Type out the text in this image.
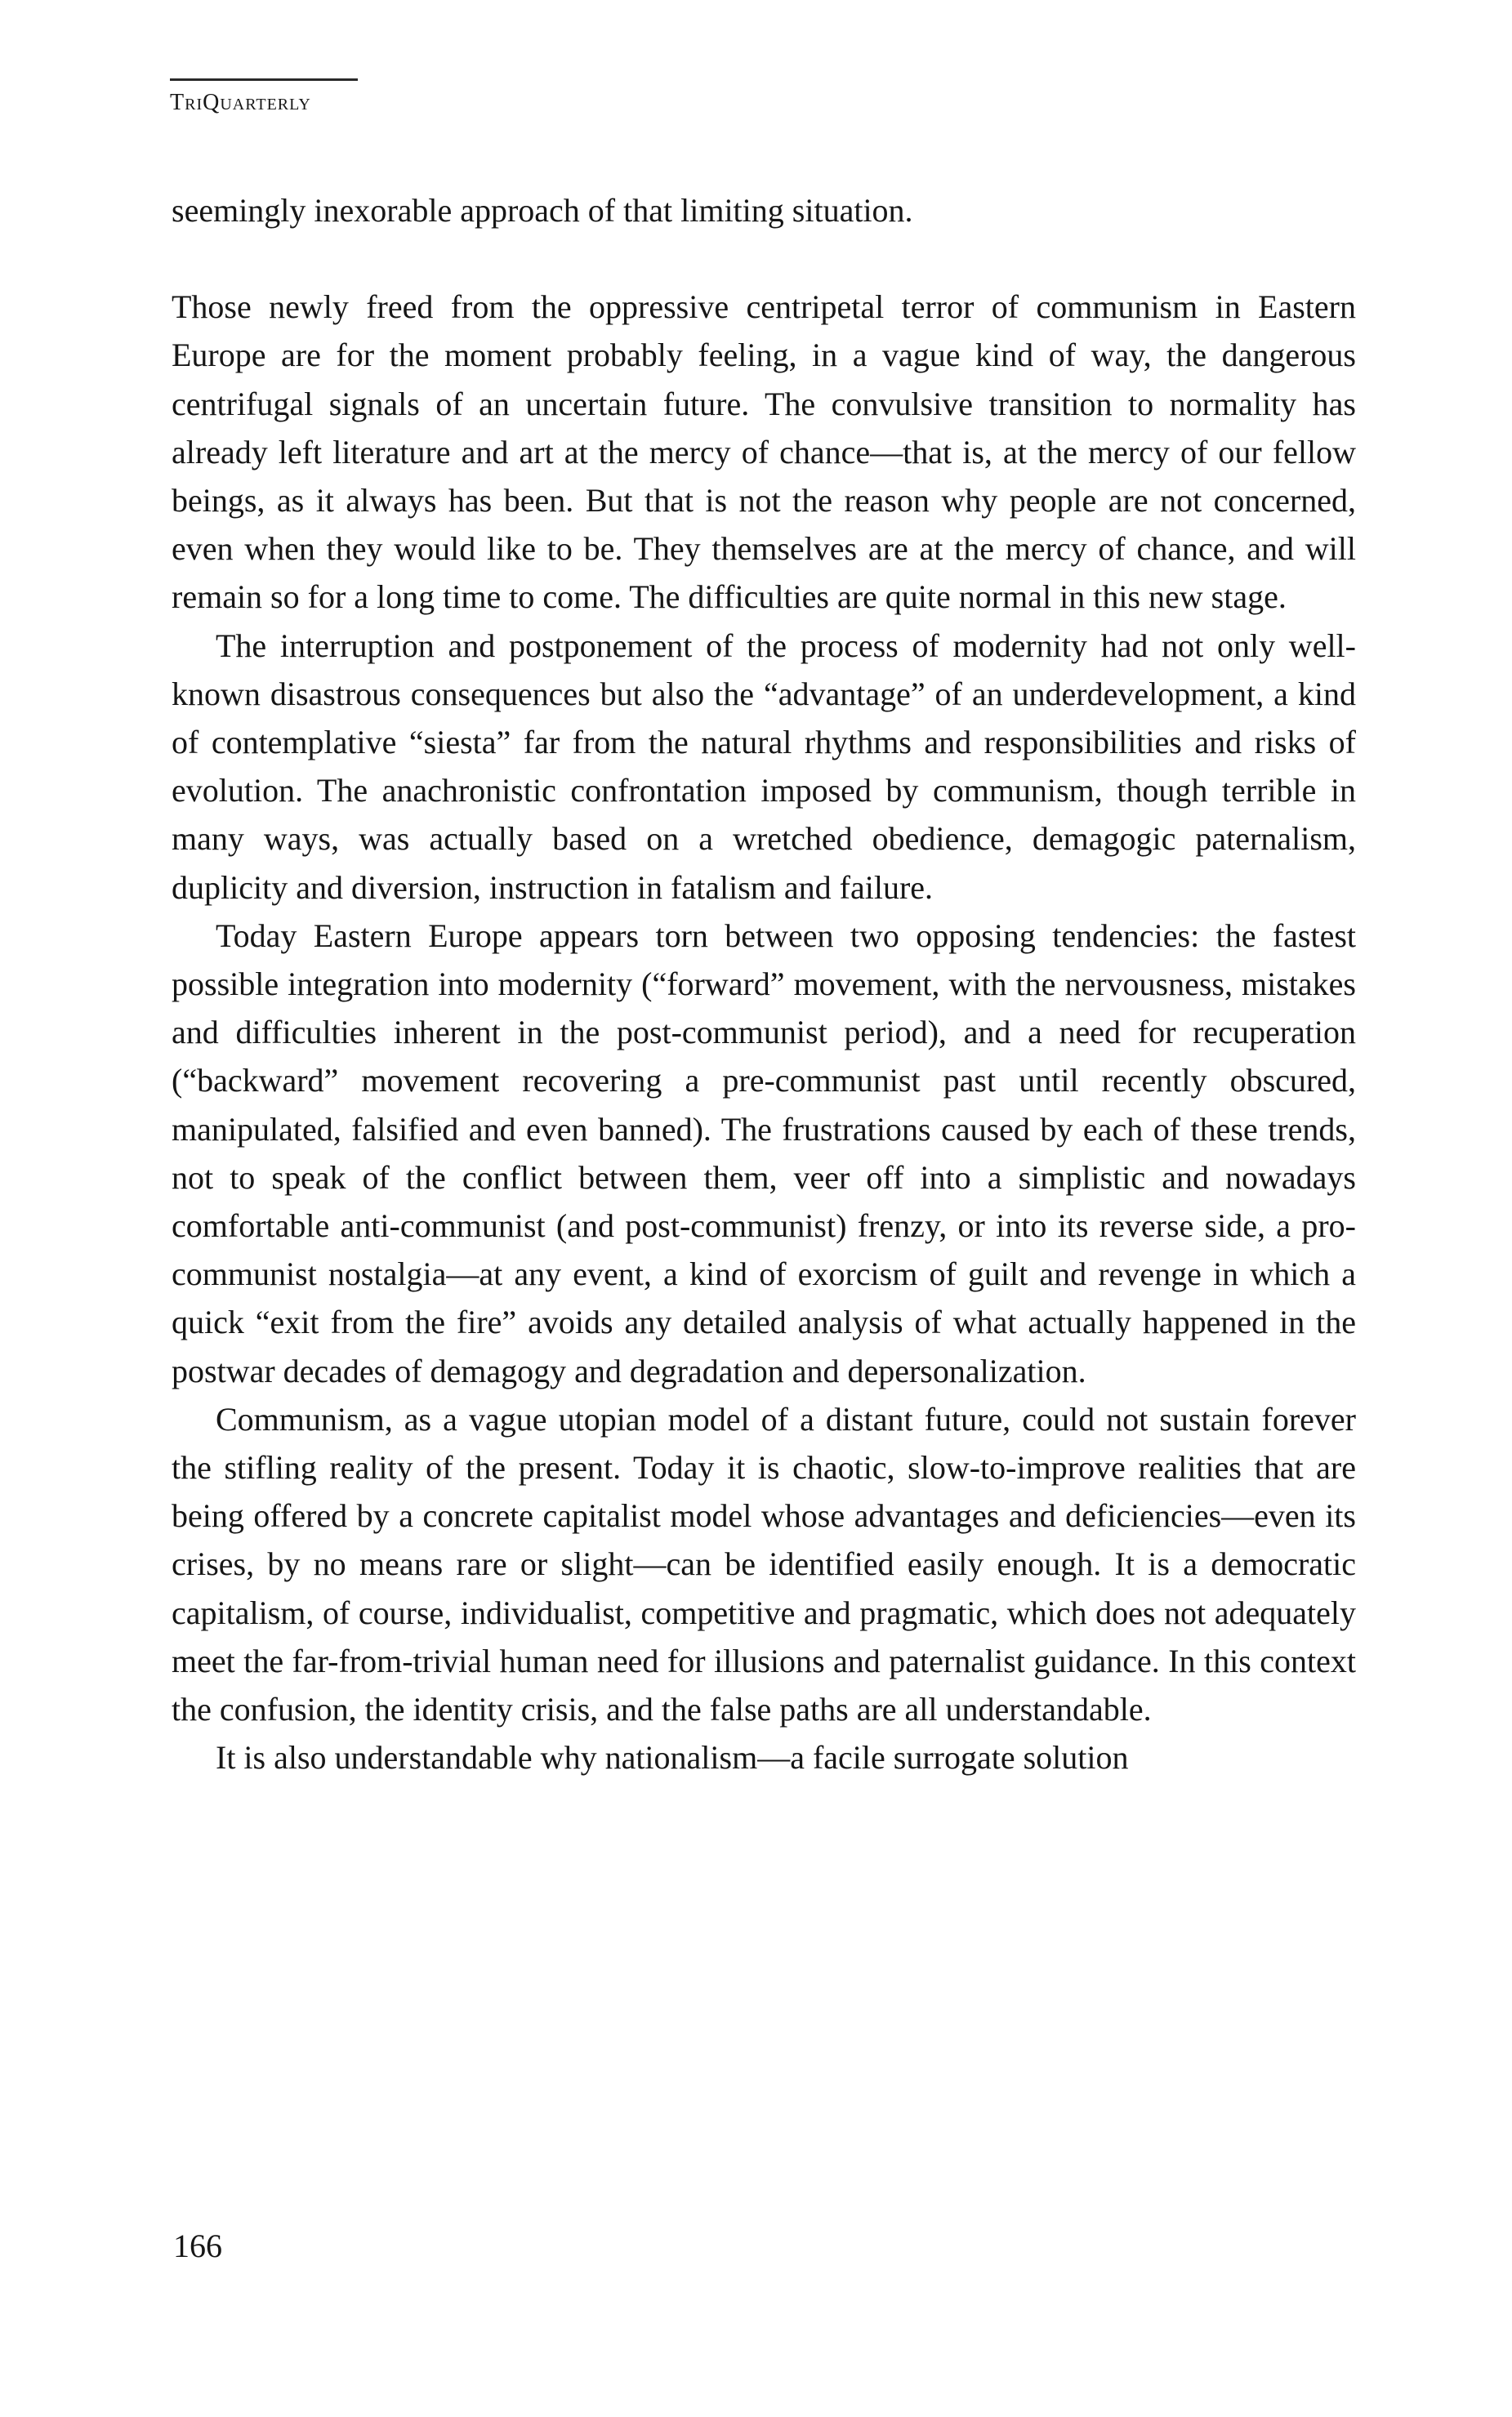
TriQuarterly

seemingly inexorable approach of that limiting situation.

Those newly freed from the oppressive centripetal terror of communism in Eastern Europe are for the moment probably feeling, in a vague kind of way, the dangerous centrifugal signals of an uncertain future. The convulsive transition to normality has already left literature and art at the mercy of chance—that is, at the mercy of our fellow beings, as it always has been. But that is not the reason why people are not concerned, even when they would like to be. They themselves are at the mercy of chance, and will remain so for a long time to come. The difficulties are quite normal in this new stage.

The interruption and postponement of the process of modernity had not only well-known disastrous consequences but also the “advantage” of an underdevelopment, a kind of contemplative “siesta” far from the natural rhythms and responsibilities and risks of evolution. The anachronistic confrontation imposed by communism, though terrible in many ways, was actually based on a wretched obedience, demagogic paternalism, duplicity and diversion, instruction in fatalism and failure.

Today Eastern Europe appears torn between two opposing tendencies: the fastest possible integration into modernity (“forward” movement, with the nervousness, mistakes and difficulties inherent in the post-communist period), and a need for recuperation (“backward” movement recovering a pre-communist past until recently obscured, manipulated, falsified and even banned). The frustrations caused by each of these trends, not to speak of the conflict between them, veer off into a simplistic and nowadays comfortable anti-communist (and post-communist) frenzy, or into its reverse side, a pro-communist nostalgia—at any event, a kind of exorcism of guilt and revenge in which a quick “exit from the fire” avoids any detailed analysis of what actually happened in the postwar decades of demagogy and degradation and depersonalization.

Communism, as a vague utopian model of a distant future, could not sustain forever the stifling reality of the present. Today it is chaotic, slow-to-improve realities that are being offered by a concrete capitalist model whose advantages and deficiencies—even its crises, by no means rare or slight—can be identified easily enough. It is a democratic capitalism, of course, individualist, competitive and pragmatic, which does not adequately meet the far-from-trivial human need for illusions and paternalist guidance. In this context the confusion, the identity crisis, and the false paths are all understandable.

It is also understandable why nationalism—a facile surrogate solution

166
